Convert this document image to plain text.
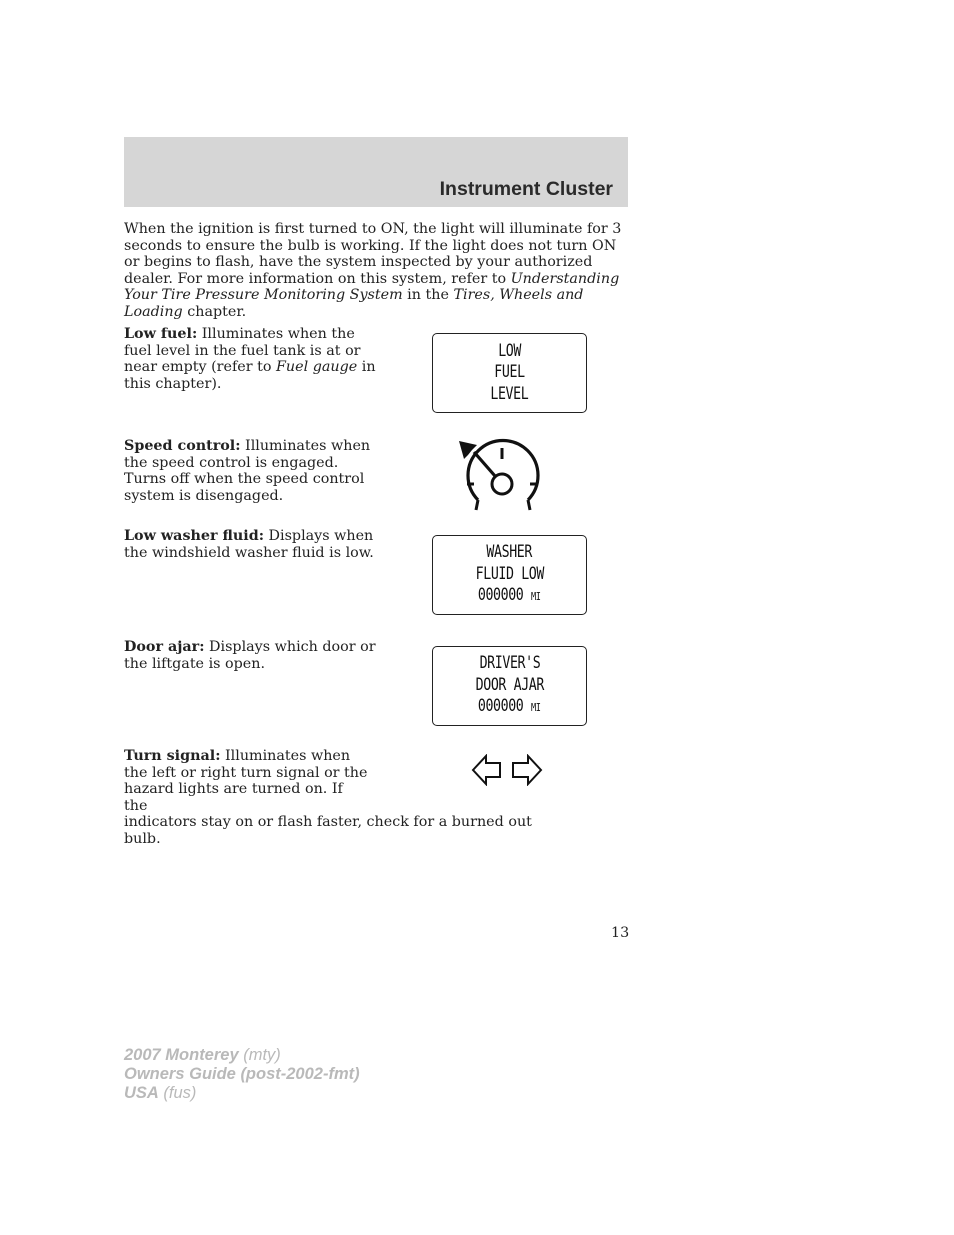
Instrument Cluster

When the ignition is first turned to ON, the light will illuminate for 3 seconds to ensure the bulb is working. If the light does not turn ON or begins to flash, have the system inspected by your authorized dealer. For more information on this system, refer to Understanding Your Tire Pressure Monitoring System in the Tires, Wheels and Loading chapter.

Low fuel: Illuminates when the fuel level in the fuel tank is at or near empty (refer to Fuel gauge in this chapter).

LOW
FUEL
LEVEL

Speed control: Illuminates when the speed control is engaged. Turns off when the speed control system is disengaged.

Low washer fluid: Displays when the windshield washer fluid is low.	WASHER
FLUID LOW
000000 MI

Door ajar: Displays which door or the liftgate is open.	DRIVER'S
DOOR AJAR
000000 MI
Turn signal: Illuminates when the left or right turn signal or the hazard lights are turned on. If the
indicators stay on or flash faster, check for a burned out bulb.

13

2007 Monterey (mty)
Owners Guide (post-2002-fmt)
USA (fus)
